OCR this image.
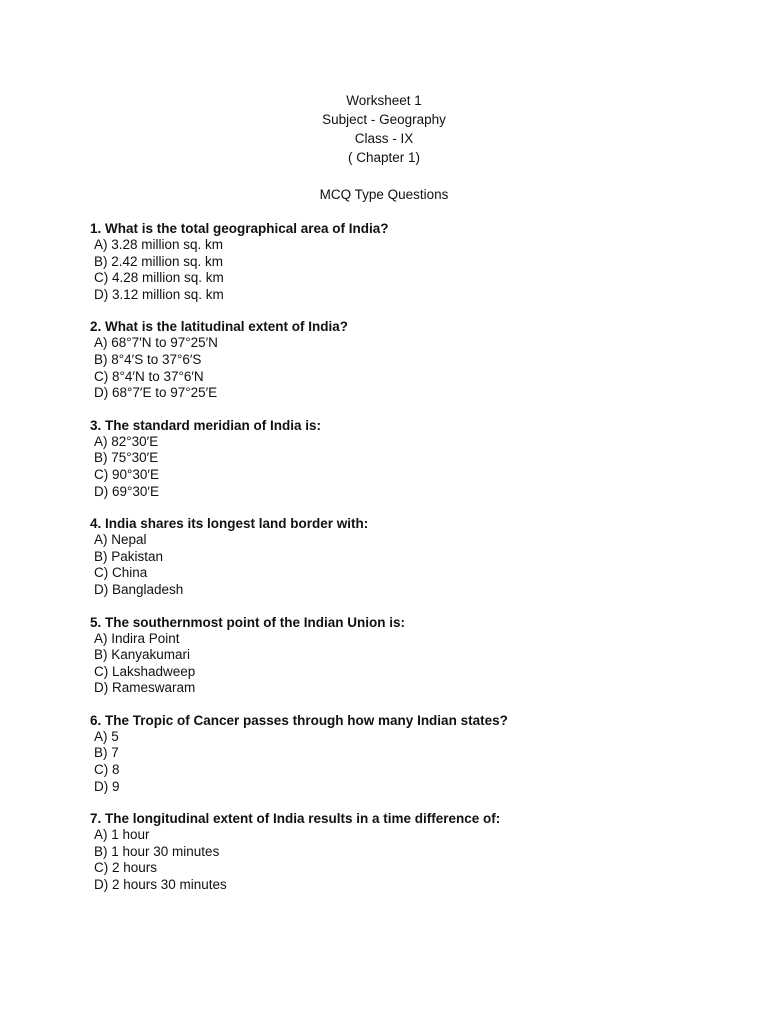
Worksheet 1
Subject - Geography
Class - IX
( Chapter 1)
MCQ Type Questions
1. What is the total geographical area of India?
A) 3.28 million sq. km
B) 2.42 million sq. km
C) 4.28 million sq. km
D) 3.12 million sq. km
2. What is the latitudinal extent of India?
A) 68°7′N to 97°25′N
B) 8°4′S to 37°6′S
C) 8°4′N to 37°6′N
D) 68°7′E to 97°25′E
3. The standard meridian of India is:
A) 82°30′E
B) 75°30′E
C) 90°30′E
D) 69°30′E
4. India shares its longest land border with:
A) Nepal
B) Pakistan
C) China
D) Bangladesh
5. The southernmost point of the Indian Union is:
A) Indira Point
B) Kanyakumari
C) Lakshadweep
D) Rameswaram
6. The Tropic of Cancer passes through how many Indian states?
A) 5
B) 7
C) 8
D) 9
7. The longitudinal extent of India results in a time difference of:
A) 1 hour
B) 1 hour 30 minutes
C) 2 hours
D) 2 hours 30 minutes
